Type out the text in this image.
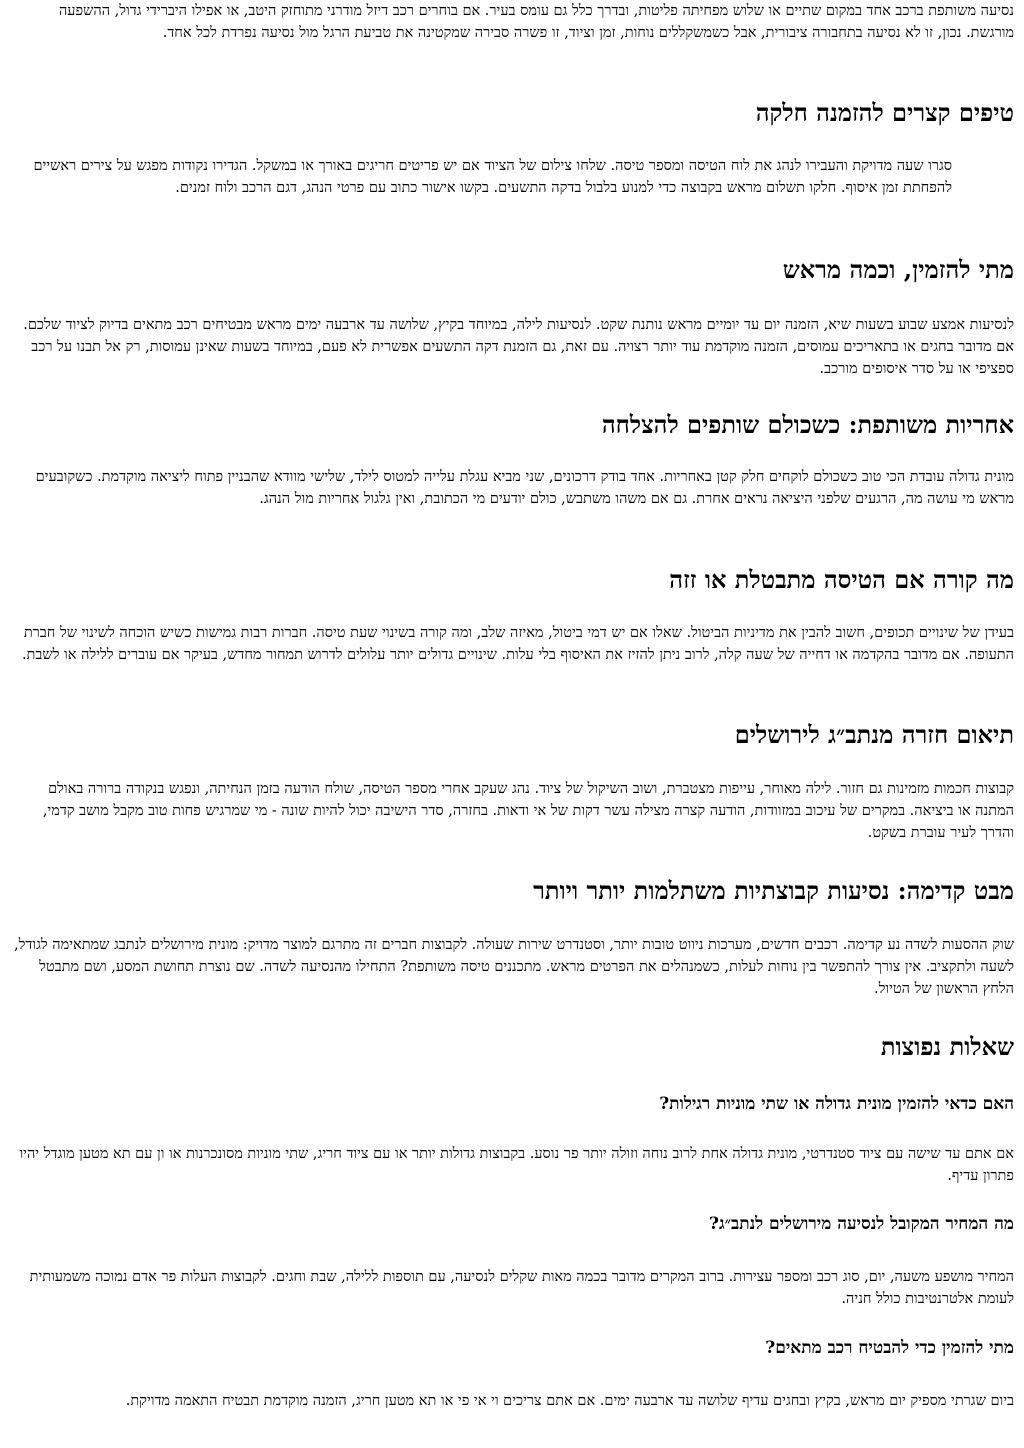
נסיעה משותפת ברכב אחד במקום שתיים או שלוש מפחיתה פליטות, ובדרך כלל גם עומס בעיר. אם בוחרים רכב דיזל מודרני מתוחזק היטב, או אפילו היברידי גדול, ההשפעה מורגשת. נכון, זו לא נסיעה בתחבורה ציבורית, אבל כשמשקללים נוחות, זמן וציוד, זו פשרה סבירה שמקטינה את טביעת הרגל מול נסיעה נפרדת לכל אחד.

טיפים קצרים להזמנה חלקה

סגרו שעה מדויקת והעבירו לנהג את לוח הטיסה ומספר טיסה. שלחו צילום של הציוד אם יש פריטים חריגים באורך או במשקל. הגדירו נקודות מפגש על צירים ראשיים להפחתת זמן איסוף. חלקו תשלום מראש בקבוצה כדי למנוע בלבול בדקה התשעים. בקשו אישור כתוב עם פרטי הנהג, דגם הרכב ולוח זמנים.

מתי להזמין, וכמה מראש

לנסיעות אמצע שבוע בשעות שיא, הזמנה יום עד יומיים מראש נותנת שקט. לנסיעות לילה, במיוחד בקיץ, שלושה עד ארבעה ימים מראש מבטיחים רכב מתאים בדיוק לציוד שלכם. אם מדובר בחגים או בתאריכים עמוסים, הזמנה מוקדמת עוד יותר רצויה. עם זאת, גם הזמנת דקה התשעים אפשרית לא פעם, במיוחד בשעות שאינן עמוסות, רק אל תבנו על רכב ספציפי או על סדר איסופים מורכב.

אחריות משותפת: כשכולם שותפים להצלחה

מונית גדולה עובדת הכי טוב כשכולם לוקחים חלק קטן באחריות. אחד בודק דרכונים, שני מביא עגלת עלייה למטוס לילד, שלישי מוודא שהבניין פתוח ליציאה מוקדמת. כשקובעים מראש מי עושה מה, הרגעים שלפני היציאה נראים אחרת. גם אם משהו משתבש, כולם יודעים מי הכתובת, ואין גלגול אחריות מול הנהג.

מה קורה אם הטיסה מתבטלת או זזה

בעידן של שינויים תכופים, חשוב להבין את מדיניות הביטול. שאלו אם יש דמי ביטול, מאיזה שלב, ומה קורה בשינוי שעת טיסה. חברות רבות גמישות כשיש הוכחה לשינוי של חברת התעופה. אם מדובר בהקדמה או דחייה של שעה קלה, לרוב ניתן להזיז את האיסוף בלי עלות. שינויים גדולים יותר עלולים לדרוש תמחור מחדש, בעיקר אם עוברים ללילה או לשבת.

תיאום חזרה מנתב״ג לירושלים

קבוצות חכמות מזמינות גם חזור. לילה מאוחר, עייפות מצטברת, ושוב השיקול של ציוד. נהג שעקב אחרי מספר הטיסה, שולח הודעה בזמן הנחיתה, ונפגש בנקודה ברורה באולם המתנה או ביציאה. במקרים של עיכוב במזוודות, הודעה קצרה מצילה עשר דקות של אי ודאות. בחזרה, סדר הישיבה יכול להיות שונה - מי שמרגיש פחות טוב מקבל מושב קדמי, והדרך לעיר עוברת בשקט.

מבט קדימה: נסיעות קבוצתיות משתלמות יותר ויותר

שוק ההסעות לשדה נע קדימה. רכבים חדשים, מערכות ניווט טובות יותר, וסטנדרט שירות שעולה. לקבוצות חברים זה מתרגם למוצר מדויק: מונית מירושלים לנתבג שמתאימה לגודל, לשעה ולתקציב. אין צורך להתפשר בין נוחות לעלות, כשמנהלים את הפרטים מראש. מתכננים טיסה משותפת? התחילו מהנסיעה לשדה. שם נוצרת תחושת המסע, ושם מתבטל הלחץ הראשון של הטיול.

שאלות נפוצות
האם כדאי להזמין מונית גדולה או שתי מוניות רגילות?

אם אתם עד שישה עם ציוד סטנדרטי, מונית גדולה אחת לרוב נוחה וזולה יותר פר נוסע. בקבוצות גדולות יותר או עם ציוד חריג, שתי מוניות מסונכרנות או ון עם תא מטען מוגדל יהיו פתרון עדיף.

מה המחיר המקובל לנסיעה מירושלים לנתב״ג?

המחיר מושפע משעה, יום, סוג רכב ומספר עצירות. ברוב המקרים מדובר בכמה מאות שקלים לנסיעה, עם תוספות ללילה, שבת וחגים. לקבוצות העלות פר אדם נמוכה משמעותית לעומת אלטרנטיבות כולל חניה.

מתי להזמין כדי להבטיח רכב מתאים?

ביום שגרתי מספיק יום מראש, בקיץ ובחגים עדיף שלושה עד ארבעה ימים. אם אתם צריכים וי אי פי או תא מטען חריג, הזמנה מוקדמת תבטיח התאמה מדויקת.
